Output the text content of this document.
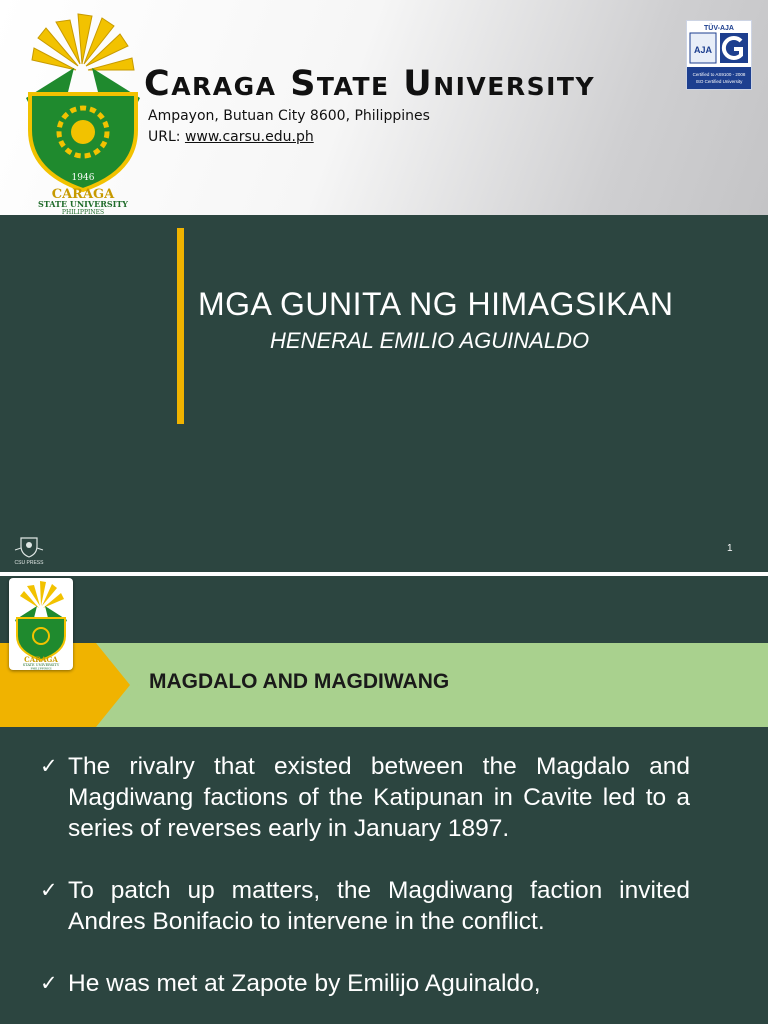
1946
CARAGA
STATE UNIVERSITY
PHILIPPINES
CARAGA STATE UNIVERSITY
Ampayon, Butuan City 8600, Philippines
URL: www.carsu.edu.ph
TÜV-AJA
AJA
Certified to AS9100 - 2008
ISO Certified University
MGA GUNITA NG HIMAGSIKAN
HENERAL EMILIO AGUINALDO
CSU PRESS
1
CARAGA
STATE UNIVERSITY
PHILIPPINES
MAGDALO AND MAGDIWANG
✓ The rivalry that existed between the Magdalo and Magdiwang factions of the Katipunan in Cavite led to a series of reverses early in January 1897.
✓ To patch up matters, the Magdiwang faction invited Andres Bonifacio to intervene in the conflict.
✓ He was met at Zapote by Emilijo Aguinaldo,
